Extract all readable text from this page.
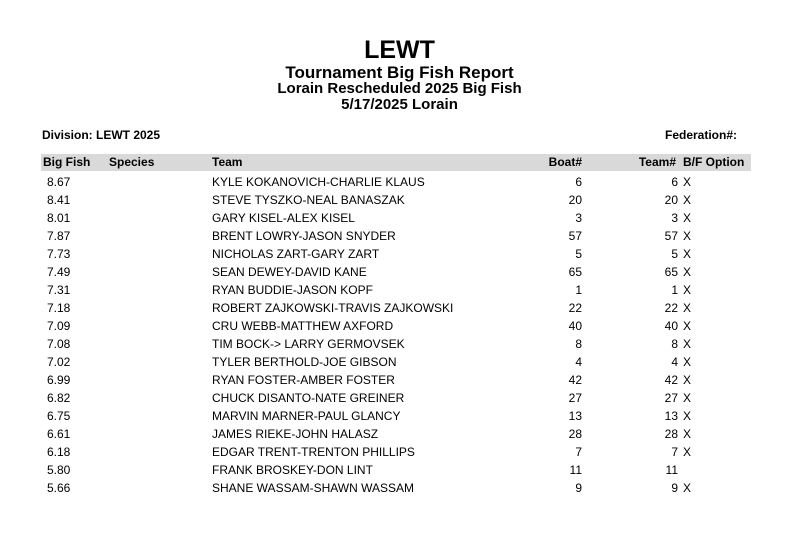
LEWT
Tournament Big Fish Report
Lorain Rescheduled 2025 Big Fish
5/17/2025 Lorain
Division: LEWT 2025	Federation#:
Big Fish Species	Team	Boat#	Team# B/F Option
8.67	KYLE KOKANOVICH-CHARLIE KLAUS	6	6 X
8.41	STEVE TYSZKO-NEAL BANASZAK	20	20 X
8.01	GARY KISEL-ALEX KISEL	3	3 X
7.87	BRENT LOWRY-JASON SNYDER	57	57 X
7.73	NICHOLAS ZART-GARY ZART	5	5 X
7.49	SEAN DEWEY-DAVID KANE	65	65 X
7.31	RYAN BUDDIE-JASON KOPF	1	1 X
7.18	ROBERT ZAJKOWSKI-TRAVIS ZAJKOWSKI	22	22 X
7.09	CRU WEBB-MATTHEW AXFORD	40	40 X
7.08	TIM BOCK-> LARRY GERMOVSEK	8	8 X
7.02	TYLER BERTHOLD-JOE GIBSON	4	4 X
6.99	RYAN FOSTER-AMBER FOSTER	42	42 X
6.82	CHUCK DISANTO-NATE GREINER	27	27 X
6.75	MARVIN MARNER-PAUL GLANCY	13	13 X
6.61	JAMES RIEKE-JOHN HALASZ	28	28 X
6.18	EDGAR TRENT-TRENTON PHILLIPS	7	7 X
5.80	FRANK BROSKEY-DON LINT	11	11
5.66	SHANE WASSAM-SHAWN WASSAM	9	9 X
